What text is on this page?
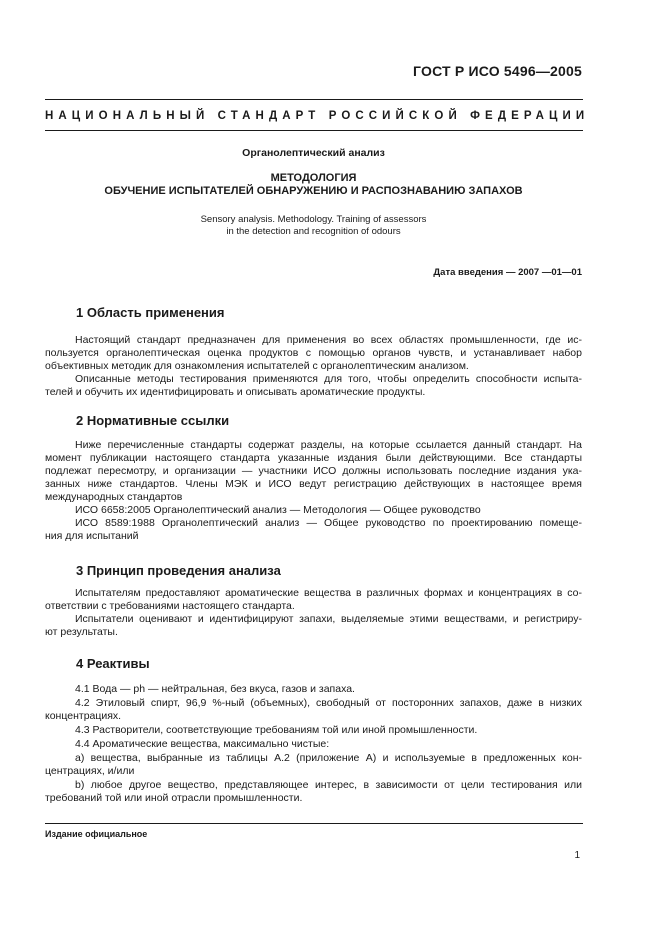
ГОСТ Р ИСО 5496—2005
НАЦИОНАЛЬНЫЙ СТАНДАРТ РОССИЙСКОЙ ФЕДЕРАЦИИ
Органолептический анализ
МЕТОДОЛОГИЯ
ОБУЧЕНИЕ ИСПЫТАТЕЛЕЙ ОБНАРУЖЕНИЮ И РАСПОЗНАВАНИЮ ЗАПАХОВ
Sensory analysis. Methodology. Training of assessors
in the detection and recognition of odours
Дата введения — 2007 —01—01
1 Область применения
Настоящий стандарт предназначен для применения во всех областях промышленности, где ис-
пользуется органолептическая оценка продуктов с помощью органов чувств, и устанавливает набор
объективных методик для ознакомления испытателей с органолептическим анализом.
Описанные методы тестирования применяются для того, чтобы определить способности испыта-
телей и обучить их идентифицировать и описывать ароматические продукты.
2 Нормативные ссылки
Ниже перечисленные стандарты содержат разделы, на которые ссылается данный стандарт. На
момент публикации настоящего стандарта указанные издания были действующими. Все стандарты
подлежат пересмотру, и организации — участники ИСО должны использовать последние издания ука-
занных ниже стандартов. Члены МЭК и ИСО ведут регистрацию действующих в настоящее время
международных стандартов
ИСО 6658:2005 Органолептический анализ — Методология — Общее руководство
ИСО 8589:1988 Органолептический анализ — Общее руководство по проектированию помеще-
ния для испытаний
3 Принцип проведения анализа
Испытателям предоставляют ароматические вещества в различных формах и концентрациях в со-
ответствии с требованиями настоящего стандарта.
Испытатели оценивают и идентифицируют запахи, выделяемые этими веществами, и регистриру-
ют результаты.
4 Реактивы
4.1 Вода — ph — нейтральная, без вкуса, газов и запаха.
4.2 Этиловый спирт, 96,9 %-ный (объемных), свободный от посторонних запахов, даже в низких
концентрациях.
4.3 Растворители, соответствующие требованиям той или иной промышленности.
4.4 Ароматические вещества, максимально чистые:
а) вещества, выбранные из таблицы А.2 (приложение А) и используемые в предложенных кон-
центрациях, и/или
b) любое другое вещество, представляющее интерес, в зависимости от цели тестирования или
требований той или иной отрасли промышленности.
Издание официальное
1
